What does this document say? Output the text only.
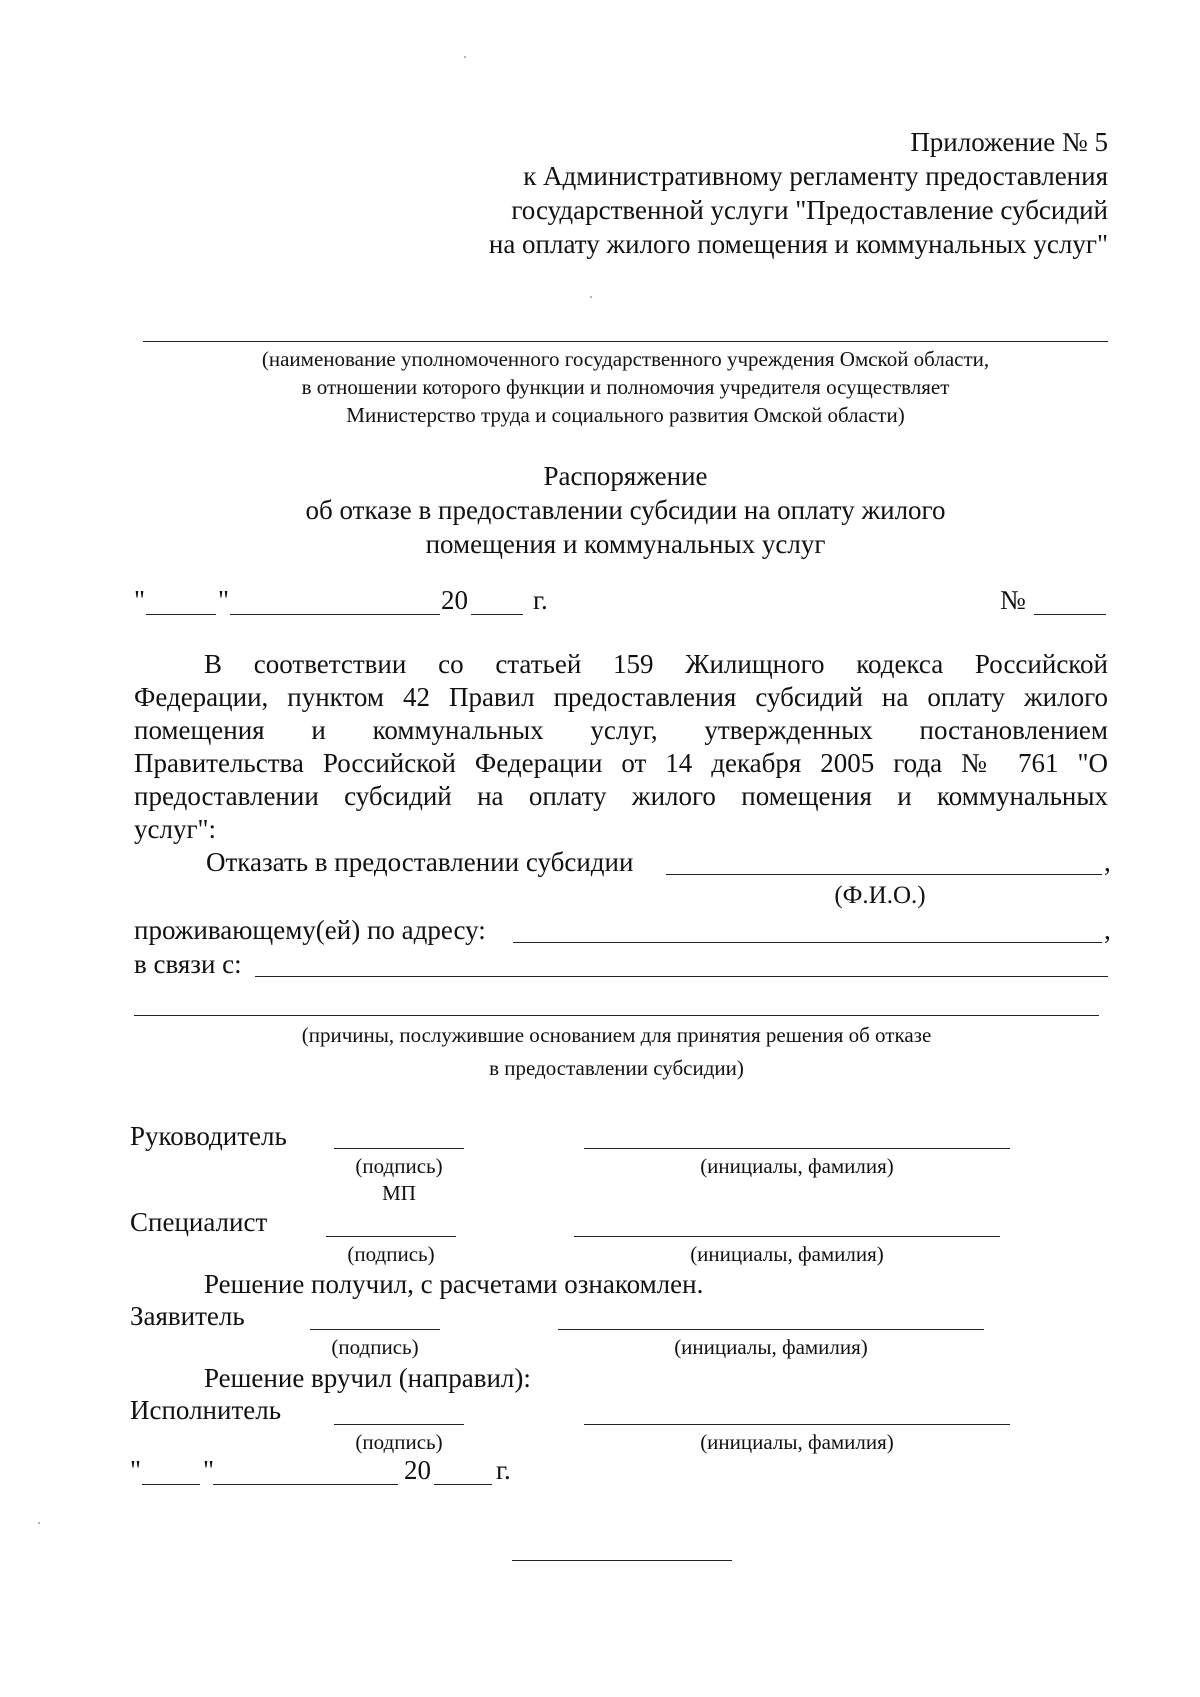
Приложение № 5
к Административному регламенту предоставления
государственной услуги "Предоставление субсидий
на оплату жилого помещения и коммунальных услуг"
(наименование уполномоченного государственного учреждения Омской области,
в отношении которого функции и полномочия учредителя осуществляет
Министерство труда и социального развития Омской области)
Распоряжение
об отказе в предоставлении субсидии на оплату жилого
помещения и коммунальных услуг
"	"	20 г.	№
В соответствии со статьей 159 Жилищного кодекса Российской
Федерации, пунктом 42 Правил предоставления субсидий на оплату жилого
помещения и коммунальных услуг, утвержденных постановлением
Правительства Российской Федерации от 14 декабря 2005 года № 761 "О
предоставлении субсидий на оплату жилого помещения и коммунальных
услуг":
Отказать в предоставлении субсидии	,
(Ф.И.О.)
проживающему(ей) по адресу:	,
в связи с:
(причины, послужившие основанием для принятия решения об отказе
в предоставлении субсидии)
Руководитель
(подпись)	(инициалы, фамилия)
МП
Специалист
(подпись)	(инициалы, фамилия)
Решение получил, с расчетами ознакомлен.
Заявитель
(подпись)	(инициалы, фамилия)
Решение вручил (направил):
Исполнитель
(подпись)	(инициалы, фамилия)
" "	20 г.
